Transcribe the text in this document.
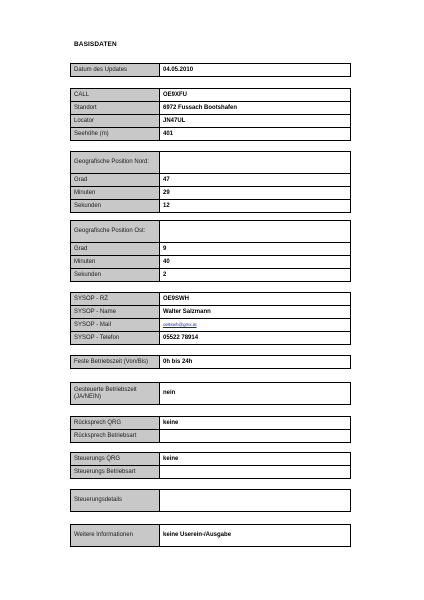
BASISDATEN
Datum des Updates	04.05.2010
CALL	OE9XFU
Standort	6972 Fussach Bootshafen
Locator	JN47UL
Seehöhe (m)	401
Geografische Position Nord:	
Grad	47
Minuten	29
Sekunden	12
Geografische Position Ost:	
Grad	9
Minuten	40
Sekunden	2
SYSOP - RZ	OE9SWH
SYSOP - Name	Walter Salzmann
SYSOP - Mail	oe9swh@gmx.at
SYSOP - Telefon	05522 78914
Feste Betriebszeit (Von/Bis)	0h bis 24h
Gesteuerte Betriebszeit (JA/NEIN)	nein
Rücksprech QRG	keine
Rücksprech Betriebsart	
Steuerungs QRG	keine
Steuerungs Betriebsart	
Steuerungsdetails	
Weitere Informationen	keine Userein-/Ausgabe
